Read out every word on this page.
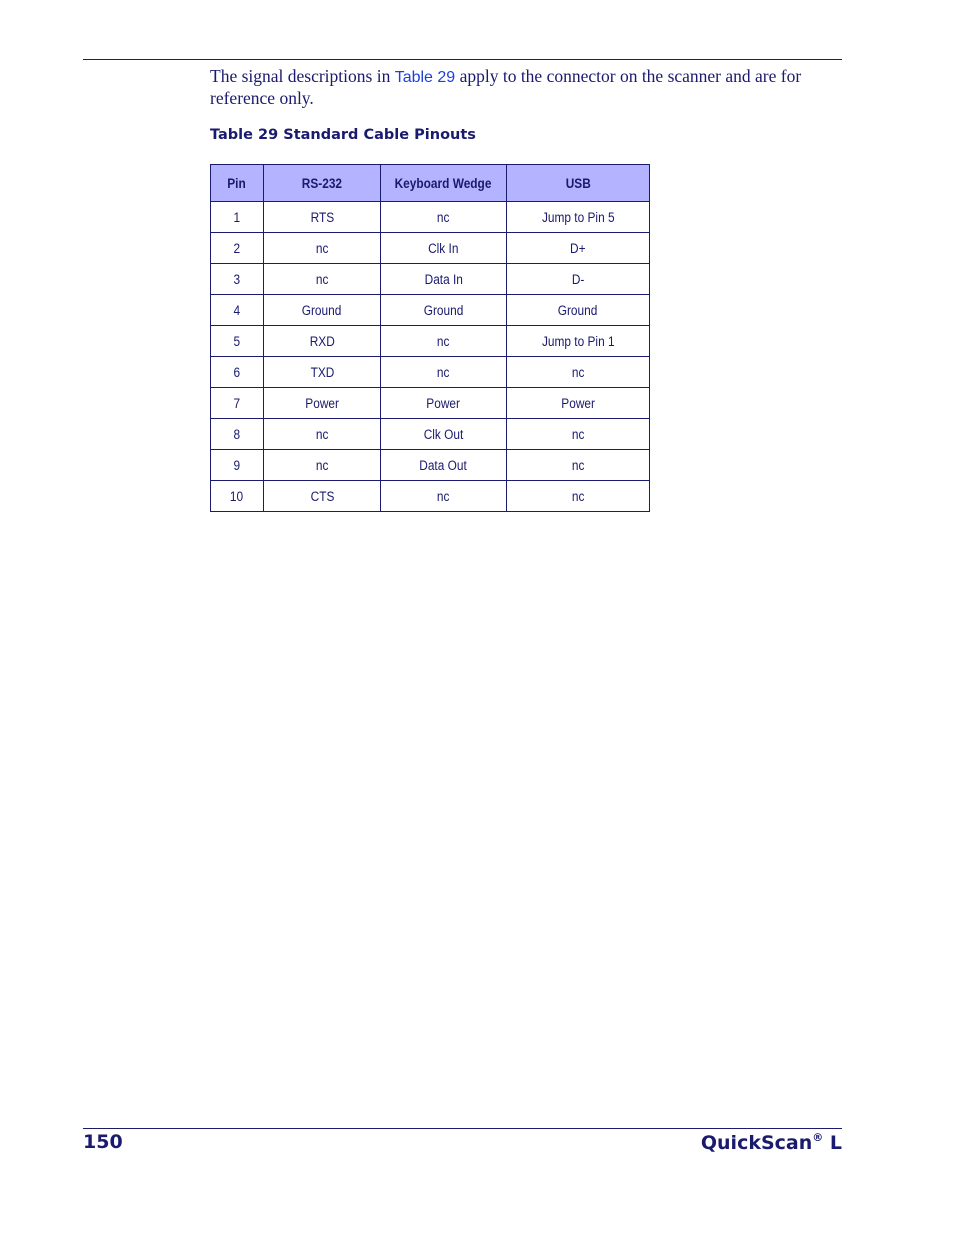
The signal descriptions in Table 29 apply to the connector on the scanner and are for reference only.

Table 29 Standard Cable Pinouts
Pin	RS-232	Keyboard Wedge	USB
1	RTS	nc	Jump to Pin 5
2	nc	Clk In	D+
3	nc	Data In	D-
4	Ground	Ground	Ground
5	RXD	nc	Jump to Pin 1
6	TXD	nc	nc
7	Power	Power	Power
8	nc	Clk Out	nc
9	nc	Data Out	nc
10	CTS	nc	nc
150	QuickScan® L
